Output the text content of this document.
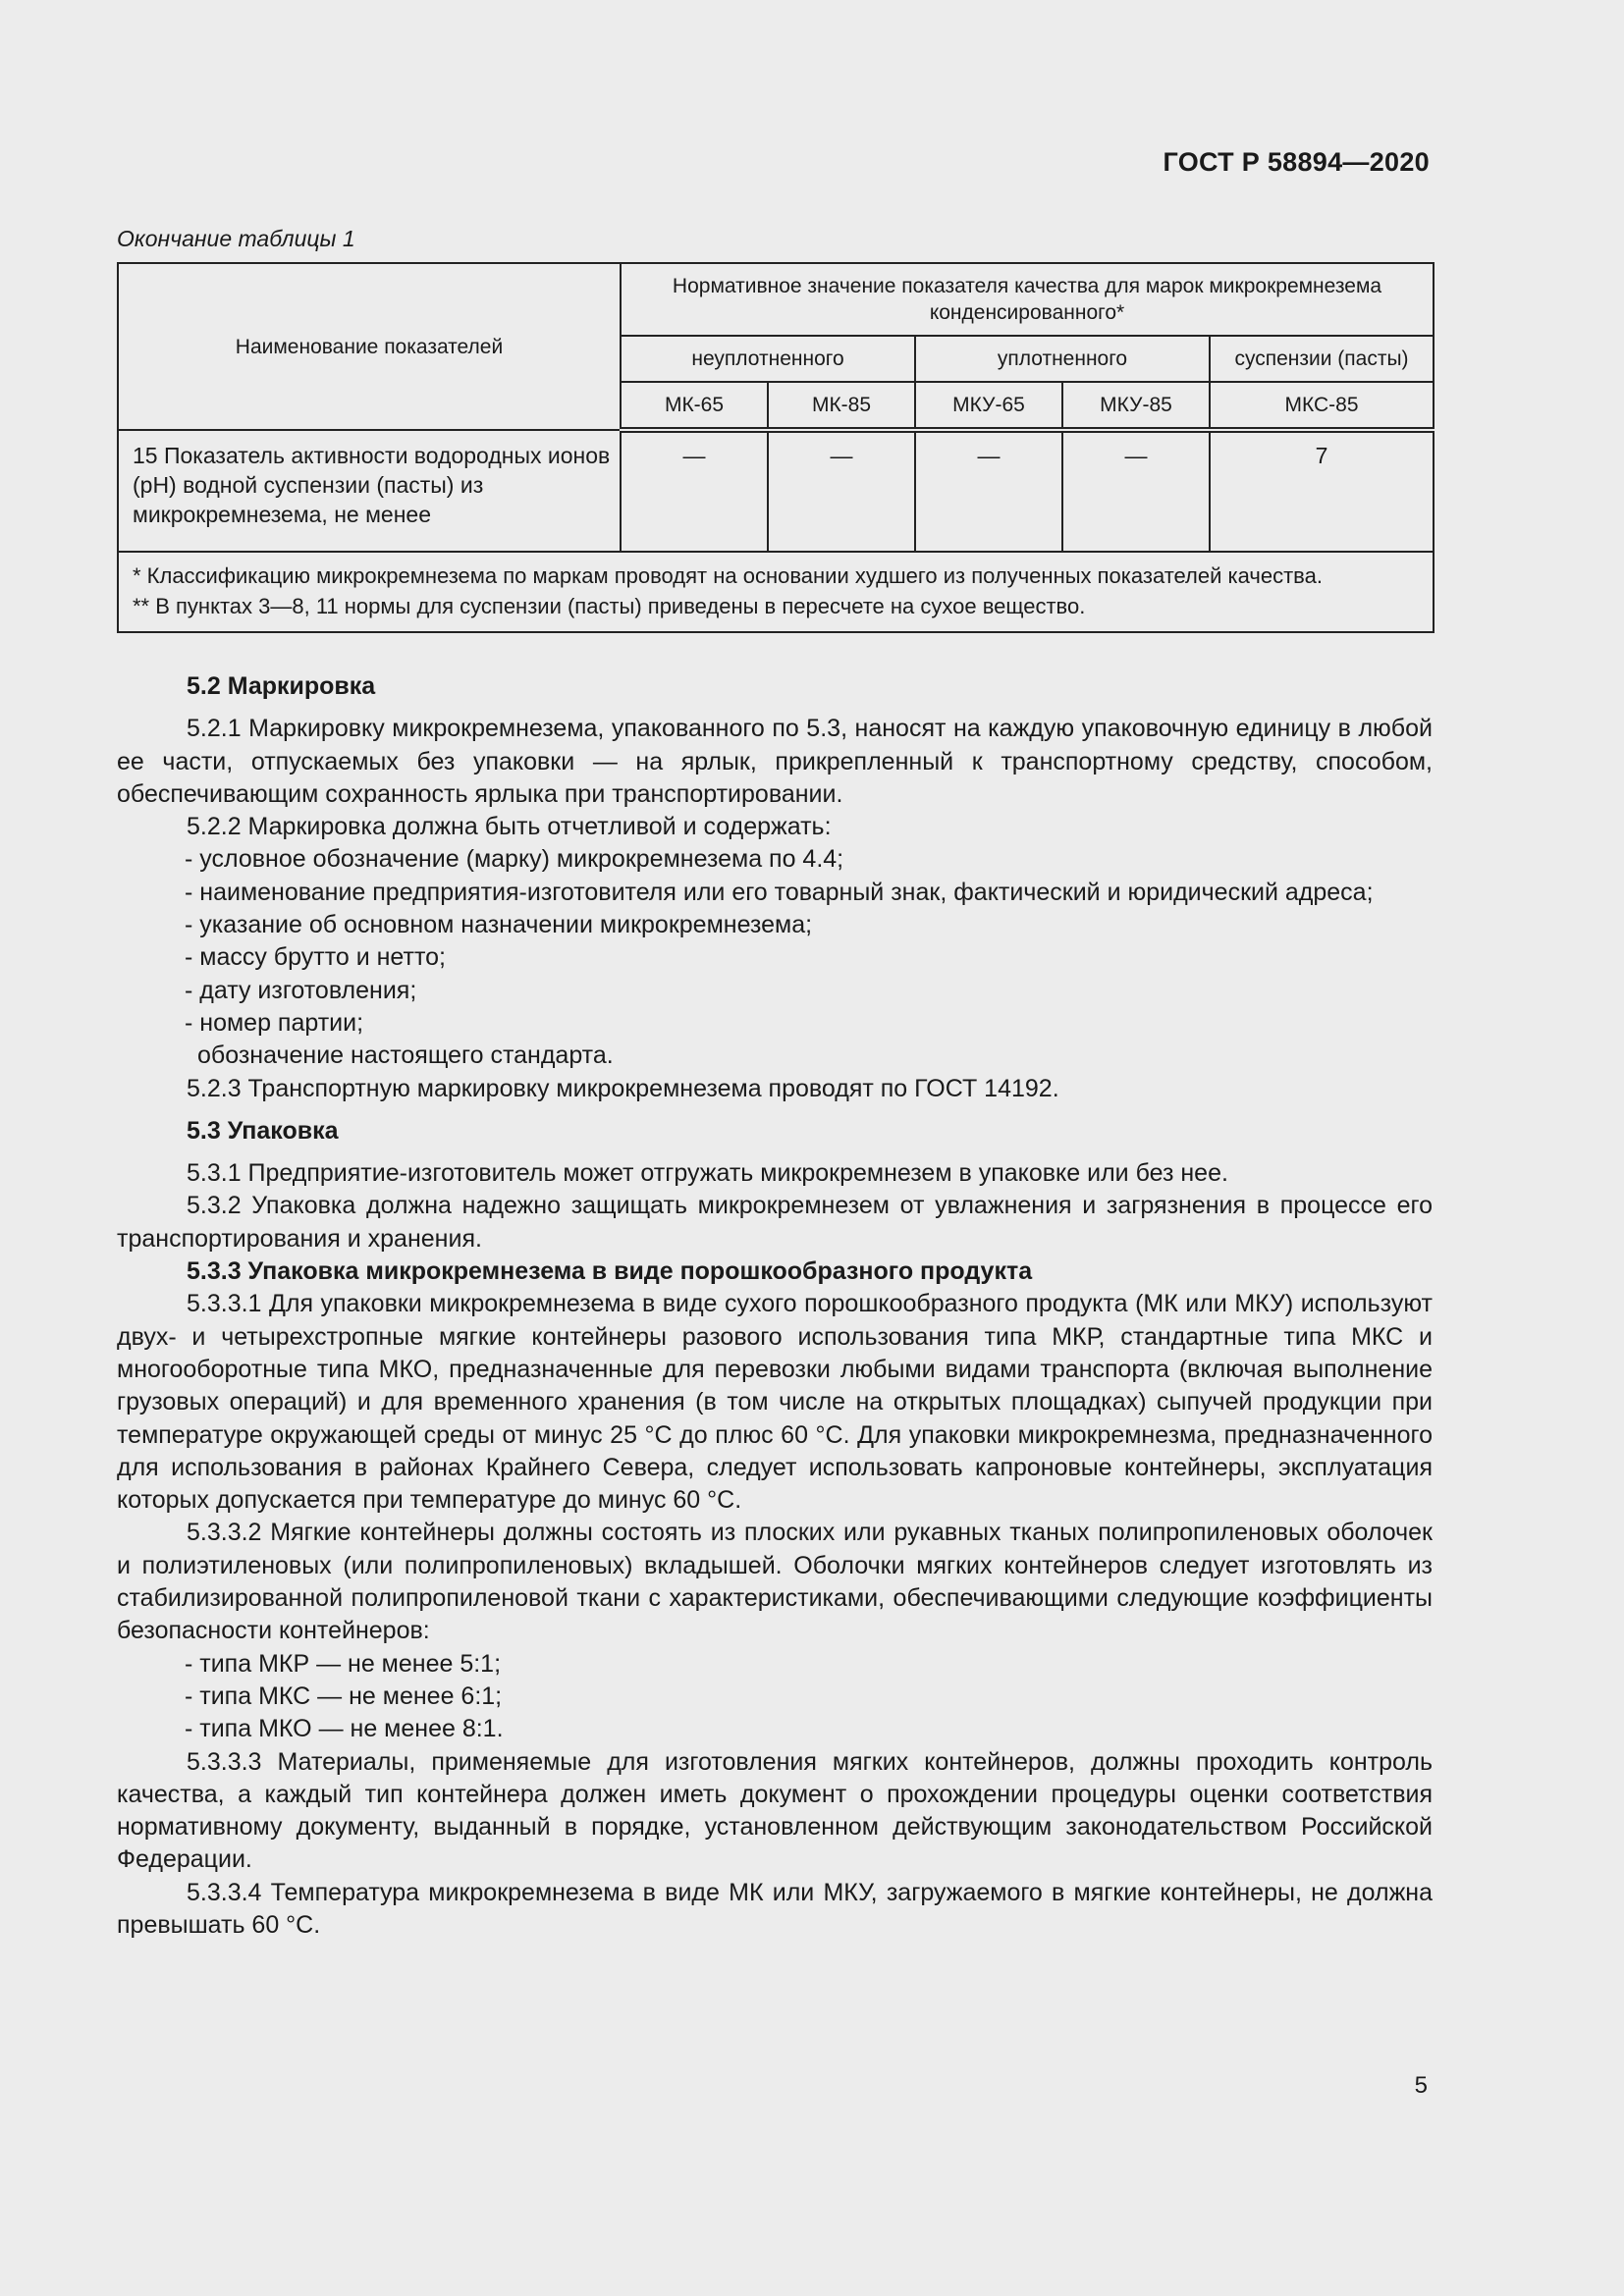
ГОСТ Р 58894—2020
Окончание таблицы 1
Наименование показателей	Нормативное значение показателя качества для марок микрокремнезема конденсированного*				
	неуплотненного		уплотненного		суспензии (пасты)
	МК-65	МК-85	МКУ-65	МКУ-85	МКС-85
15 Показатель активности водородных ионов (pH) водной суспензии (пасты) из микрокремнезема, не менее	—	—	—	—	7

* Классификацию микрокремнезема по маркам проводят на основании худшего из полученных показателей качества.
** В пунктах 3—8, 11 нормы для суспензии (пасты) приведены в пересчете на сухое вещество.					

5.2 Маркировка

5.2.1 Маркировку микрокремнезема, упакованного по 5.3, наносят на каждую упаковочную единицу в любой ее части, отпускаемых без упаковки — на ярлык, прикрепленный к транспортному средству, способом, обеспечивающим сохранность ярлыка при транспортировании.

5.2.2 Маркировка должна быть отчетливой и содержать:

- условное обозначение (марку) микрокремнезема по 4.4;

- наименование предприятия-изготовителя или его товарный знак, фактический и юридический адреса;

- указание об основном назначении микрокремнезема;

- массу брутто и нетто;

- дату изготовления;

- номер партии;

обозначение настоящего стандарта.

5.2.3 Транспортную маркировку микрокремнезема проводят по ГОСТ 14192.

5.3 Упаковка

5.3.1 Предприятие-изготовитель может отгружать микрокремнезем в упаковке или без нее.

5.3.2 Упаковка должна надежно защищать микрокремнезем от увлажнения и загрязнения в процессе его транспортирования и хранения.

5.3.3 Упаковка микрокремнезема в виде порошкообразного продукта

5.3.3.1 Для упаковки микрокремнезема в виде сухого порошкообразного продукта (МК или МКУ) используют двух- и четырехстропные мягкие контейнеры разового использования типа МКР, стандартные типа МКС и многооборотные типа МКО, предназначенные для перевозки любыми видами транспорта (включая выполнение грузовых операций) и для временного хранения (в том числе на открытых площадках) сыпучей продукции при температуре окружающей среды от минус 25 °С до плюс 60 °С. Для упаковки микрокремнезма, предназначенного для использования в районах Крайнего Севера, следует использовать капроновые контейнеры, эксплуатация которых допускается при температуре до минус 60 °С.

5.3.3.2 Мягкие контейнеры должны состоять из плоских или рукавных тканых полипропиленовых оболочек и полиэтиленовых (или полипропиленовых) вкладышей. Оболочки мягких контейнеров следует изготовлять из стабилизированной полипропиленовой ткани с характеристиками, обеспечивающими следующие коэффициенты безопасности контейнеров:

- типа МКР — не менее 5:1;

- типа МКС — не менее 6:1;

- типа МКО — не менее 8:1.

5.3.3.3 Материалы, применяемые для изготовления мягких контейнеров, должны проходить контроль качества, а каждый тип контейнера должен иметь документ о прохождении процедуры оценки соответствия нормативному документу, выданный в порядке, установленном действующим законодательством Российской Федерации.

5.3.3.4 Температура микрокремнезема в виде МК или МКУ, загружаемого в мягкие контейнеры, не должна превышать 60 °С.

5
